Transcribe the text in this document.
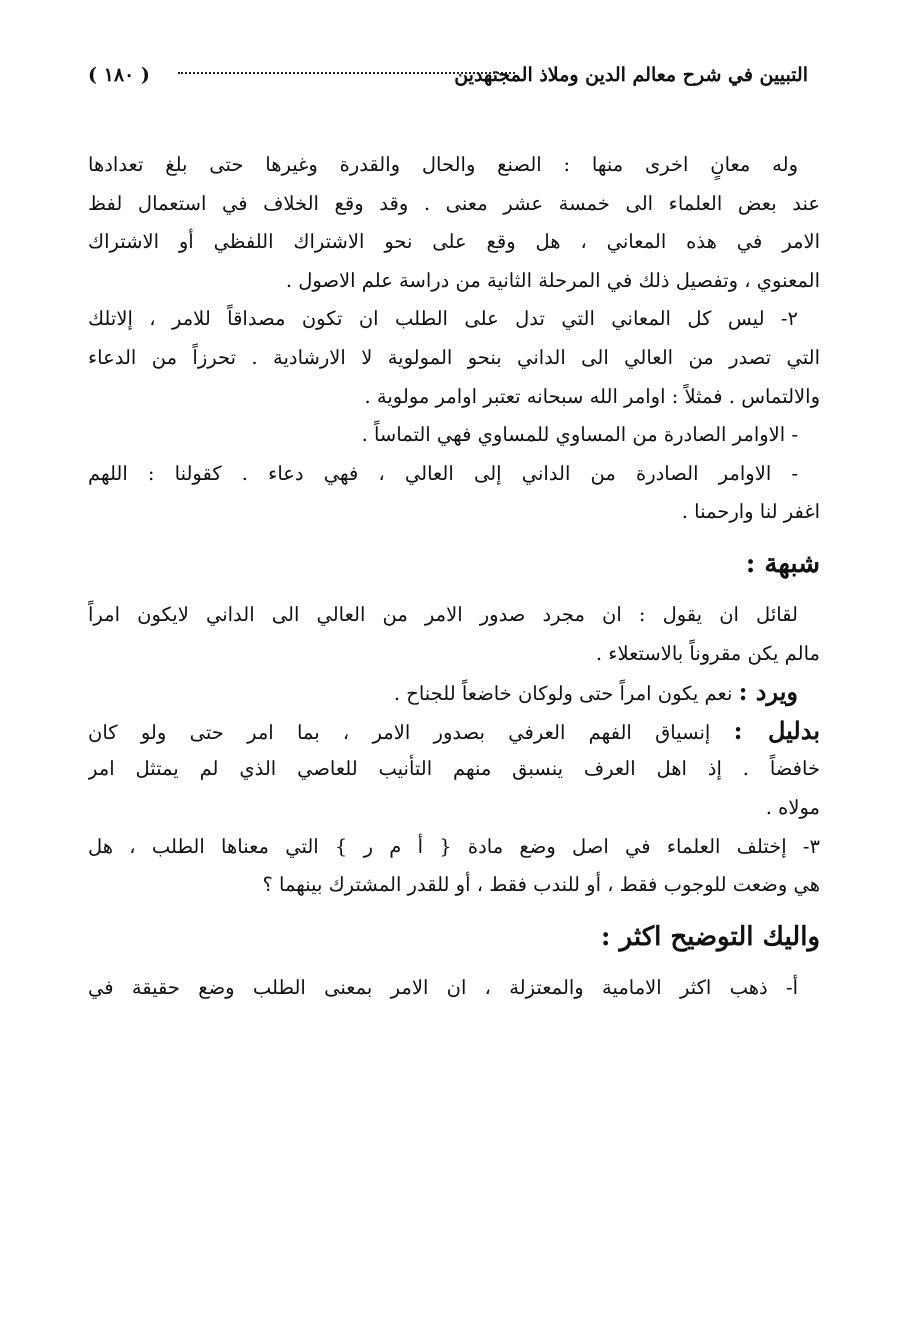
التبيين في شرح معالم الدين وملاذ المجتهدين
( ١٨٠ )
وله معانٍ اخرى منها : الصنع والحال والقدرة وغيرها حتى بلغ تعدادها
عند بعض العلماء الى خمسة عشر معنى . وقد وقع الخلاف في استعمال لفظ
الامر في هذه المعاني ، هل وقع على نحو الاشتراك اللفظي أو الاشتراك
المعنوي ، وتفصيل ذلك في المرحلة الثانية من دراسة علم الاصول .
٢- ليس كل المعاني التي تدل على الطلب ان تكون مصداقاً للامر ، إلاتلك
التي تصدر من العالي الى الداني بنحو المولوية لا الارشادية . تحرزاً من الدعاء
والالتماس . فمثلاً : اوامر الله سبحانه تعتبر اوامر مولوية .
- الاوامر الصادرة من المساوي للمساوي فهي التماساً .
- الاوامر الصادرة من الداني إلى العالي ، فهي دعاء . كقولنا : اللهم
اغفر لنا وارحمنا .
شبهة :
لقائل ان يقول : ان مجرد صدور الامر من العالي الى الداني لايكون امراً
مالم يكن مقروناً بالاستعلاء .
ويرد : نعم يكون امراً حتى ولوكان خاضعاً للجناح .
بدليل : إنسياق الفهم العرفي بصدور الامر ، بما امر حتى ولو كان
خافضاً . إذ اهل العرف ينسبق منهم التأنيب للعاصي الذي لم يمتثل امر
مولاه .
٣- إختلف العلماء في اصل وضع مادة { أ م ر } التي معناها الطلب ، هل
هي وضعت للوجوب فقط ، أو للندب فقط ، أو للقدر المشترك بينهما ؟
واليك التوضيح اكثر :
أ- ذهب اكثر الامامية والمعتزلة ، ان الامر بمعنى الطلب وضع حقيقة في
